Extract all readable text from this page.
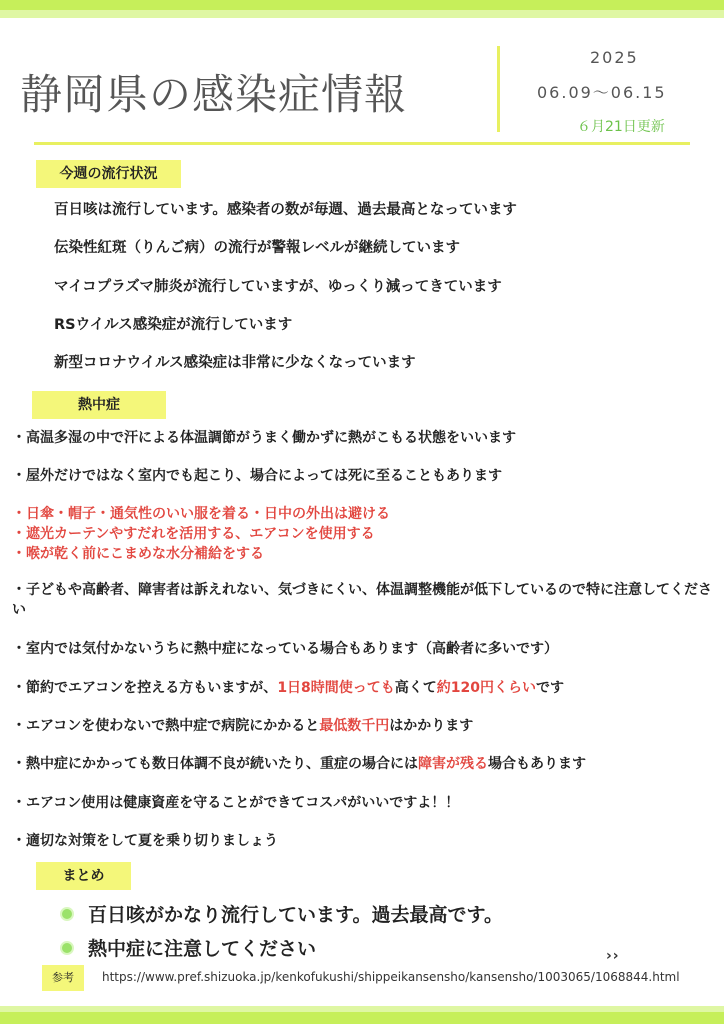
静岡県の感染症情報
2025
06.09～06.15
６月21日更新
今週の流行状況
百日咳は流行しています。感染者の数が毎週、過去最高となっています
伝染性紅斑（りんご病）の流行が警報レベルが継続しています
マイコプラズマ肺炎が流行していますが、ゆっくり減ってきています
RSウイルス感染症が流行しています
新型コロナウイルス感染症は非常に少なくなっています
熱中症
・高温多湿の中で汗による体温調節がうまく働かずに熱がこもる状態をいいます
・屋外だけではなく室内でも起こり、場合によっては死に至ることもあります
・日傘・帽子・通気性のいい服を着る・日中の外出は避ける
・遮光カーテンやすだれを活用する、エアコンを使用する
・喉が乾く前にこまめな水分補給をする
・子どもや高齢者、障害者は訴えれない、気づきにくい、体温調整機能が低下しているので特に注意してください
・室内では気付かないうちに熱中症になっている場合もあります（高齢者に多いです）
・節約でエアコンを控える方もいますが、1日8時間使っても高くて約120円くらいです
・エアコンを使わないで熱中症で病院にかかると最低数千円はかかります
・熱中症にかかっても数日体調不良が続いたり、重症の場合には障害が残る場合もあります
・エアコン使用は健康資産を守ることができてコスパがいいですよ！！
・適切な対策をして夏を乗り切りましょう
まとめ
百日咳がかなり流行しています。過去最高です。
熱中症に注意してください	››
参考	https://www.pref.shizuoka.jp/kenkofukushi/shippeikansensho/kansensho/1003065/1068844.html
